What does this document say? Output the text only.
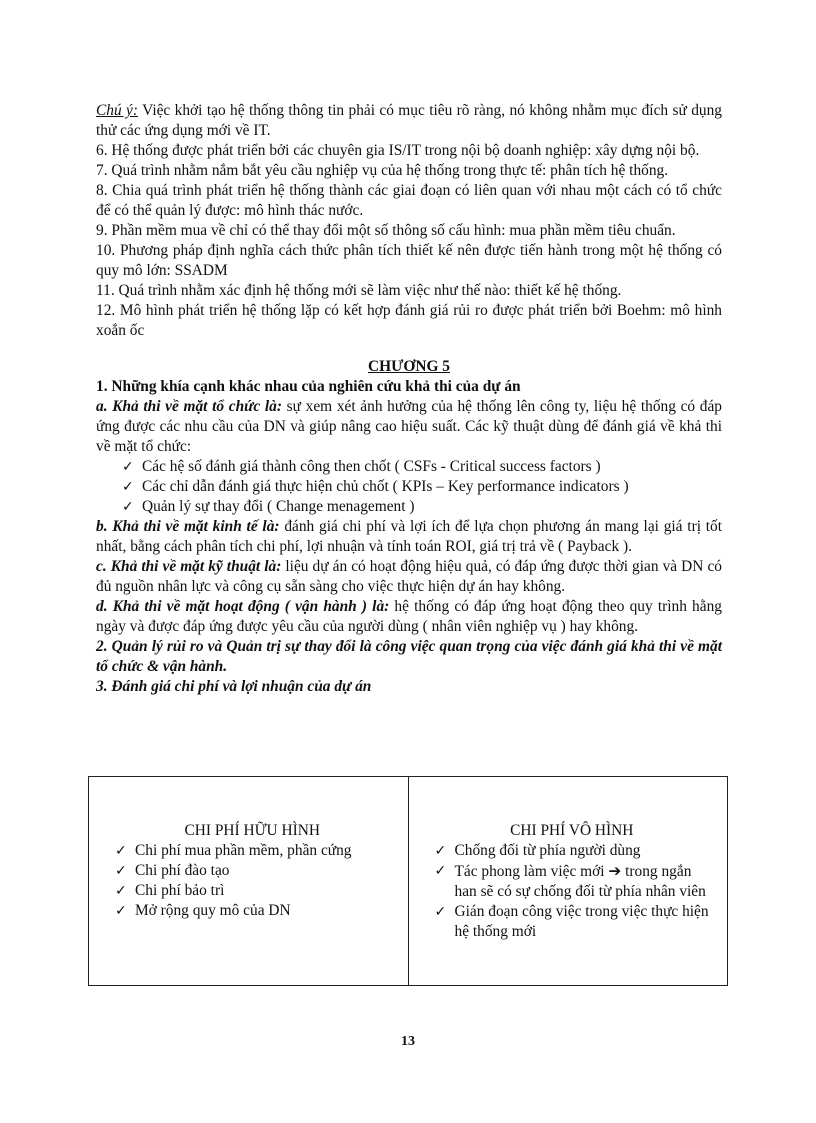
Chú ý: Việc khởi tạo hệ thống thông tin phải có mục tiêu rõ ràng, nó không nhằm mục đích sử dụng thử các ứng dụng mới về IT.

6. Hệ thống được phát triển bởi các chuyên gia IS/IT trong nội bộ doanh nghiệp: xây dựng nội bộ.

7. Quá trình nhằm nắm bắt yêu cầu nghiệp vụ của hệ thống trong thực tế: phân tích hệ thống.

8. Chia quá trình phát triển hệ thống thành các giai đoạn có liên quan với nhau một cách có tổ chức để có thể quản lý được: mô hình thác nước.

9. Phần mềm mua về chỉ có thể thay đổi một số thông số cấu hình: mua phần mềm tiêu chuẩn.

10. Phương pháp định nghĩa cách thức phân tích thiết kế nên được tiến hành trong một hệ thống có quy mô lớn: SSADM

11. Quá trình nhằm xác định hệ thống mới sẽ làm việc như thế nào: thiết kế hệ thống.

12. Mô hình phát triển hệ thống lặp có kết hợp đánh giá rủi ro được phát triển bởi Boehm: mô hình xoắn ốc

CHƯƠNG 5

1. Những khía cạnh khác nhau của nghiên cứu khả thi của dự án

a. Khả thi về mặt tổ chức là: sự xem xét ảnh hưởng của hệ thống lên công ty, liệu hệ thống có đáp ứng được các nhu cầu của DN và giúp nâng cao hiệu suất. Các kỹ thuật dùng để đánh giá về khả thi về mặt tổ chức:

✓ Các hệ số đánh giá thành công then chốt ( CSFs - Critical success factors )
✓ Các chỉ dẫn đánh giá thực hiện chủ chốt ( KPIs – Key performance indicators )
✓ Quản lý sự thay đổi ( Change menagement )

b. Khả thi về mặt kinh tế là: đánh giá chi phí và lợi ích để lựa chọn phương án mang lại giá trị tốt nhất, bằng cách phân tích chi phí, lợi nhuận và tính toán ROI, giá trị trả về ( Payback ).

c. Khả thi về mặt kỹ thuật là: liệu dự án có hoạt động hiệu quả, có đáp ứng được thời gian và DN có đủ nguồn nhân lực và công cụ sẵn sàng cho việc thực hiện dự án hay không.

d. Khả thi về mặt hoạt động ( vận hành ) là: hệ thống có đáp ứng hoạt động theo quy trình hằng ngày và được đáp ứng được yêu cầu của người dùng ( nhân viên nghiệp vụ ) hay không.

2. Quản lý rủi ro và Quản trị sự thay đổi là công việc quan trọng của việc đánh giá khả thi về mặt tổ chức & vận hành.

3. Đánh giá chi phí và lợi nhuận của dự án

CHI PHÍ HỮU HÌNH
✓ Chi phí mua phần mềm, phần cứng
✓ Chi phí đào tạo
✓ Chi phí bảo trì
✓ Mở rộng quy mô của DN

CHI PHÍ VÔ HÌNH
✓ Chống đối từ phía người dùng
✓ Tác phong làm việc mới ➔ trong ngắn han sẽ có sự chống đối từ phía nhân viên
✓ Gián đoạn công việc trong việc thực hiện hệ thống mới
13
